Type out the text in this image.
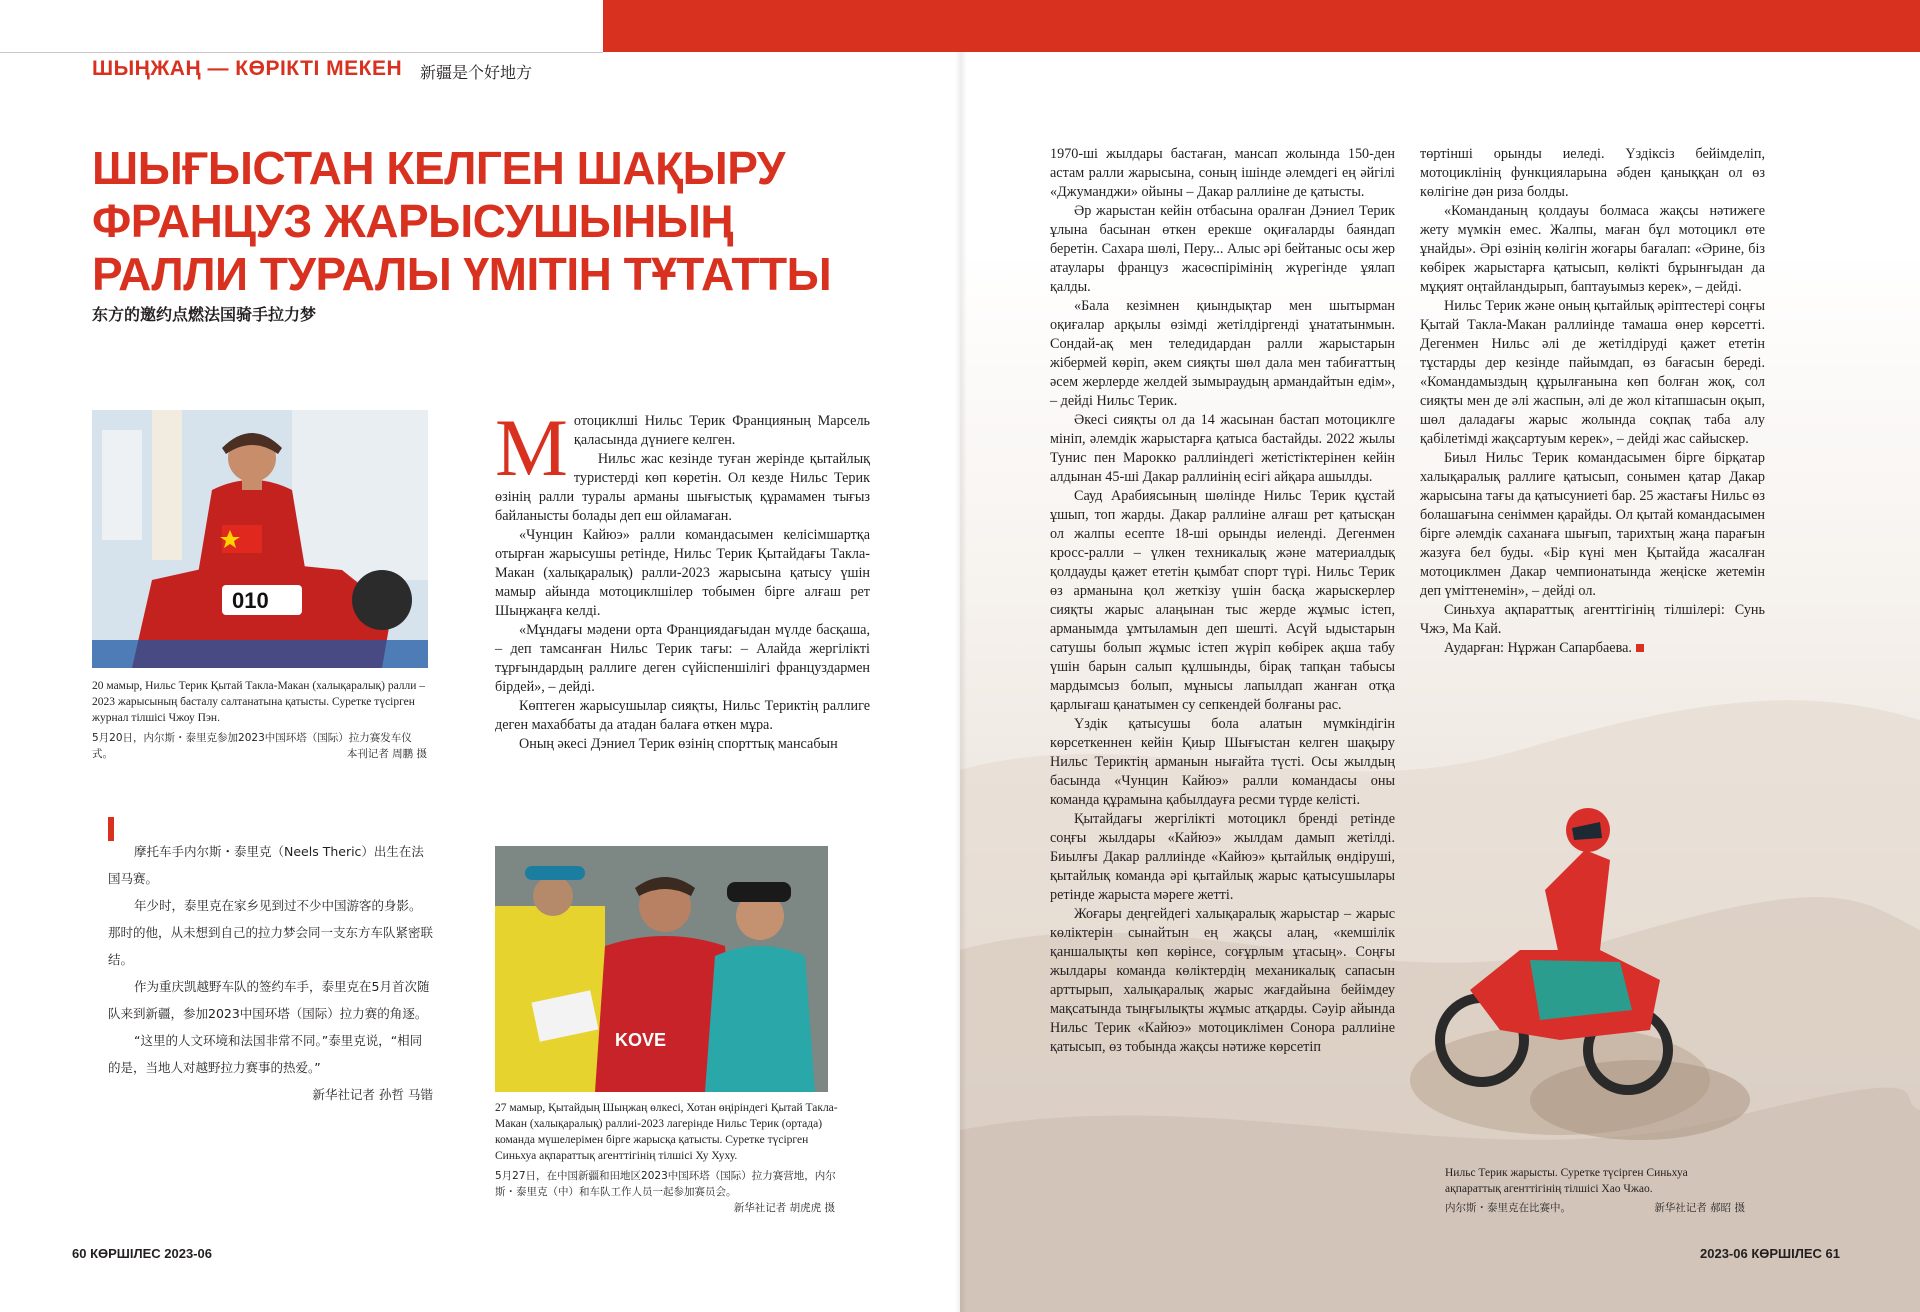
ШЫҢЖАҢ — КӨРІКТІ МЕКЕН 新疆是个好地方
ШЫҒЫСТАН КЕЛГЕН ШАҚЫРУ
ФРАНЦУЗ ЖАРЫСУШЫНЫҢ
РАЛЛИ ТУРАЛЫ ҮМІТІН ТҰТАТТЫ
东方的邀约点燃法国骑手拉力梦
010
20 мамыр, Нильс Терик Қытай Такла-Макан (халықаралық) ралли – 2023 жарысының басталу салтанатына қатысты. Суретке түсірген журнал тілшісі Чжоу Пэн.
5月20日，内尔斯・泰里克参加2023中国环塔（国际）拉力赛发车仪式。	本刊记者 周鹏 摄
М отоциклші Нильс Терик Францияның Марсель қаласында дүниеге келген.

Нильс жас кезінде туған жерінде қытайлық туристерді көп көретін. Ол кезде Нильс Терик өзінің ралли туралы арманы шығыстық құрамамен тығыз байланысты болады деп еш ойламаған.

«Чунцин Кайюэ» ралли командасымен келісімшартқа отырған жарысушы ретінде, Нильс Терик Қытайдағы Такла-Макан (халықаралық) ралли-2023 жарысына қатысу үшін мамыр айында мотоциклшілер тобымен бірге алғаш рет Шыңжаңға келді.

«Мұндағы мәдени орта Франциядағыдан мүлде басқаша, – деп тамсанған Нильс Терик тағы: – Алайда жергілікті тұрғындардың раллиге деген сүйіспеншілігі француздармен бірдей», – дейді.

Көптеген жарысушылар сияқты, Нильс Териктің раллиге деген махаббаты да атадан балаға өткен мұра.

Оның әкесі Дэниел Терик өзінің спорттық мансабын

摩托车手内尔斯・泰里克（Neels Theric）出生在法国马赛。

年少时，泰里克在家乡见到过不少中国游客的身影。那时的他，从未想到自己的拉力梦会同一支东方车队紧密联结。

作为重庆凯越野车队的签约车手，泰里克在5月首次随队来到新疆，参加2023中国环塔（国际）拉力赛的角逐。

“这里的人文环境和法国非常不同。”泰里克说，“相同的是，当地人对越野拉力赛事的热爱。”

新华社记者 孙哲 马锴

KOVE
27 мамыр, Қытайдың Шыңжаң өлкесі, Хотан өңіріндегі Қытай Такла-Макан (халықаралық) раллиі-2023 лагерінде Нильс Терик (ортада) команда мүшелерімен бірге жарысқа қатысты. Суретке түсірген Синьхуа ақпараттық агенттігінің тілшісі Ху Хуху.
5月27日，在中国新疆和田地区2023中国环塔（国际）拉力赛营地，内尔斯・泰里克（中）和车队工作人员一起参加赛员会。
新华社记者 胡虎虎 摄

1970-ші жылдары бастаған, мансап жолында 150-ден астам ралли жарысына, соның ішінде әлемдегі ең әйгілі «Джуманджи» ойыны – Дакар раллиіне де қатысты.

Әр жарыстан кейін отбасына оралған Дэниел Терик ұлына басынан өткен ерекше оқиғаларды баяндап беретін. Сахара шөлі, Перу... Алыс әрі бейтаныс осы жер атаулары француз жасөспірімінің жүрегінде ұялап қалды.

«Бала кезімнен қиындықтар мен шытырман оқиғалар арқылы өзімді жетілдіргенді ұнататынмын. Сондай-ақ мен теледидардан ралли жарыстарын жібермей көріп, әкем сияқты шөл дала мен табиғаттың әсем жерлерде желдей зымыраудың армандайтын едім», – дейді Нильс Терик.

Әкесі сияқты ол да 14 жасынан бастап мотоциклге мініп, әлемдік жарыстарға қатыса бастайды. 2022 жылы Тунис пен Марокко раллиіндегі жетістіктерінен кейін алдынан 45-ші Дакар раллиінің есігі айқара ашылды.

Сауд Арабиясының шөлінде Нильс Терик құстай ұшып, топ жарды. Дакар раллиіне алғаш рет қатысқан ол жалпы есепте 18-ші орынды иеленді. Дегенмен кросс-ралли – үлкен техникалық және материалдық қолдауды қажет ететін қымбат спорт түрі. Нильс Терик өз арманына қол жеткізу үшін басқа жарыскерлер сияқты жарыс алаңынан тыс жерде жұмыс істеп, арманымда ұмтыламын деп шешті. Асүй ыдыстарын сатушы болып жұмыс істеп жүріп көбірек ақша табу үшін барын салып құлшынды, бірақ тапқан табысы мардымсыз болып, мұнысы лапылдап жанған отқа қарлығаш қанатымен су сепкендей болғаны рас.

Үздік қатысушы бола алатын мүмкіндігін көрсеткеннен кейін Қиыр Шығыстан келген шақыру Нильс Териктің арманын нығайта түсті. Осы жылдың басында «Чунцин Кайюэ» ралли командасы оны команда құрамына қабылдауға ресми түрде келісті.

Қытайдағы жергілікті мотоцикл бренді ретінде соңғы жылдары «Кайюэ» жылдам дамып жетілді. Биылғы Дакар раллиінде «Кайюэ» қытайлық өндіруші, қытайлық команда әрі қытайлық жарыс қатысушылары ретінде жарыста мәреге жетті.

Жоғары деңгейдегі халықаралық жарыстар – жарыс көліктерін сынайтын ең жақсы алаң, «кемшілік қаншалықты көп көрінсе, соғұрлым ұтасың». Соңғы жылдары команда көліктердің механикалық сапасын арттырып, халықаралық жарыс жағдайына бейімдеу мақсатында тыңғылықты жұмыс атқарды. Сәуір айында Нильс Терик «Кайюэ» мотоциклімен Сонора раллиіне қатысып, өз тобында жақсы нәтиже көрсетіп

төртінші орынды иеледі. Үздіксіз бейімделіп, мотоциклінің функцияларына әбден қаныққан ол өз көлігіне дән риза болды.

«Команданың қолдауы болмаса жақсы нәтижеге жету мүмкін емес. Жалпы, маған бұл мотоцикл өте ұнайды». Әрі өзінің көлігін жоғары бағалап: «Әрине, біз көбірек жарыстарға қатысып, көлікті бұрынғыдан да мұқият оңтайландырып, баптауымыз керек», – дейді.

Нильс Терик және оның қытайлық әріптестері соңғы Қытай Такла-Макан раллиінде тамаша өнер көрсетті. Дегенмен Нильс әлі де жетілдіруді қажет ететін тұстарды дер кезінде пайымдап, өз бағасын береді. «Командамыздың құрылғанына көп болған жоқ, сол сияқты мен де әлі жаспын, әлі де жол кітапшасын оқып, шөл даладағы жарыс жолында соқпақ таба алу қабілетімді жақсартуым керек», – дейді жас сайыскер.

Биыл Нильс Терик командасымен бірге бірқатар халықаралық раллиге қатысып, сонымен қатар Дакар жарысына тағы да қатысуниеті бар. 25 жастағы Нильс өз болашағына сеніммен қарайды. Ол қытай командасымен бірге әлемдік саханаға шығып, тарихтың жаңа парағын жазуға бел буды. «Бір күні мен Қытайда жасалған мотоциклмен Дакар чемпионатында жеңіске жетемін деп үміттенемін», – дейді ол.

Синьхуа ақпараттық агенттігінің тілшілері: Сунь Чжэ, Ма Кай.

Аударған: Нұржан Сапарбаева.

Нильс Терик жарысты. Суретке түсірген Синьхуа ақпараттық агенттігінің тілшісі Хао Чжао.
内尔斯・泰里克在比赛中。	新华社记者 郝昭 摄
60 КӨРШІЛЕС 2023-06	2023-06 КӨРШІЛЕС 61
